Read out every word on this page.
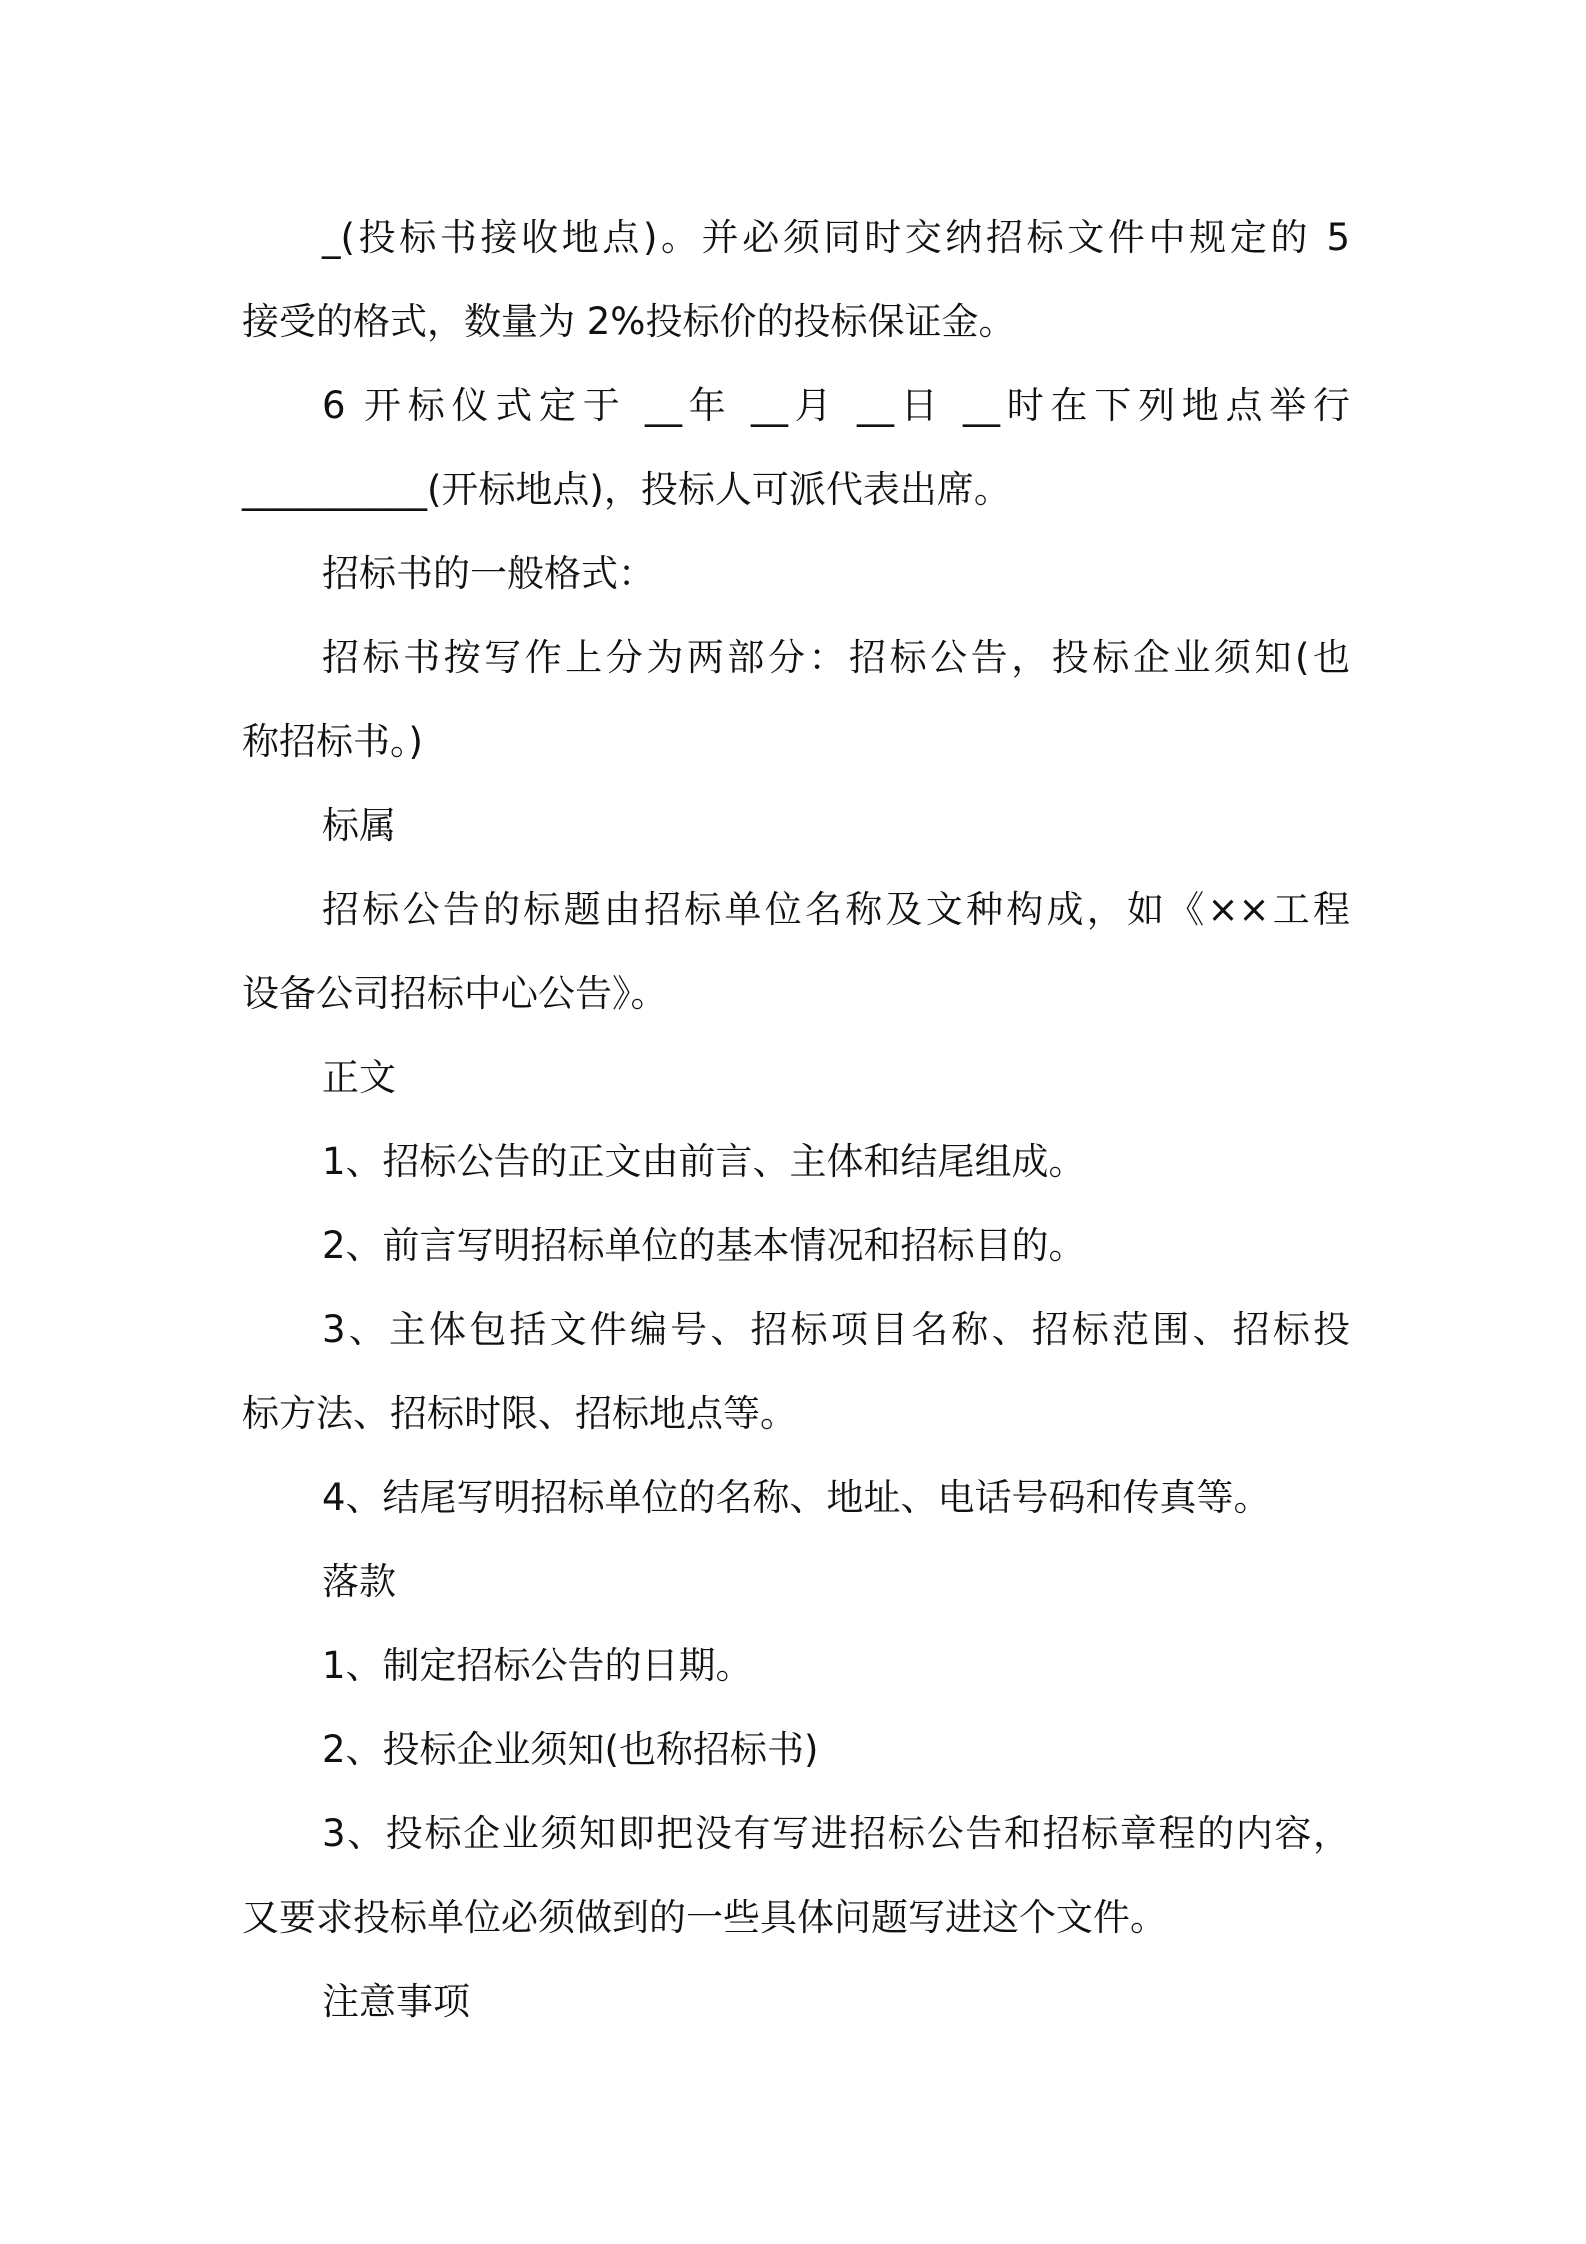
_(投标书接收地点)。并必须同时交纳招标文件中规定的 5

接受的格式，数量为 2%投标价的投标保证金。

6 开标仪式定于 __年 __月 __日 __时在下列地点举行

__________(开标地点)，投标人可派代表出席。

招标书的一般格式：

招标书按写作上分为两部分：招标公告，投标企业须知(也

称招标书。)

标属

招标公告的标题由招标单位名称及文种构成，如《××工程

设备公司招标中心公告》。

正文

1、招标公告的正文由前言、主体和结尾组成。

2、前言写明招标单位的基本情况和招标目的。

3、主体包括文件编号、招标项目名称、招标范围、招标投

标方法、招标时限、招标地点等。

4、结尾写明招标单位的名称、地址、电话号码和传真等。

落款

1、制定招标公告的日期。

2、投标企业须知(也称招标书)

3、投标企业须知即把没有写进招标公告和招标章程的内容，

又要求投标单位必须做到的一些具体问题写进这个文件。

注意事项
